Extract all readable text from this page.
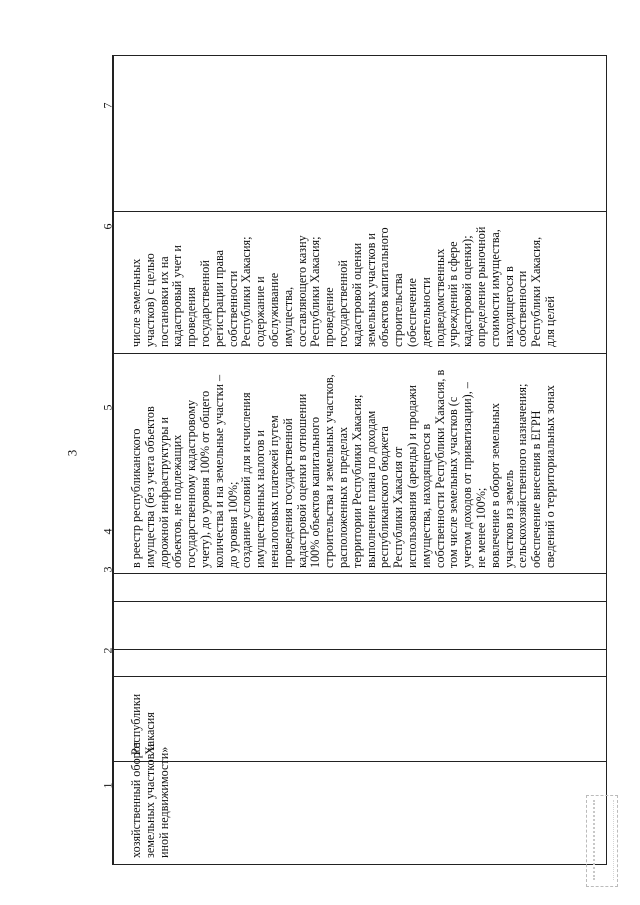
3
1
2
3
4
5
6
7
хозяйственный оборот земельных участков и иной недвижимости»
Республики Хакасия
в реестр республиканского имущества (без учета объектов дорожной инфраструктуры и объектов, не подлежащих государственному кадастровому учету), до уровня 100% от общего количества и на земельные участки – до уровня 100%; создание условий для исчисления имущественных налогов и неналоговых платежей путем проведения государственной кадастровой оценки в отношении 100% объектов капитального строительства и земельных участков, расположенных в пределах территории Республики Хакасия; выполнение плана по доходам республиканского бюджета Республики Хакасия от использования (аренды) и продажи имущества, находящегося в собственности Республики Хакасия, в том числе земельных участков (с учетом доходов от приватизации), – не менее 100%; вовлечение в оборот земельных участков из земель сельскохозяйственного назначения; обеспечение внесения в ЕГРН сведений о территориальных зонах
числе земельных участков) с целью постановки их на кадастровый учет и проведения государственной регистрации права собственности Республики Хакасия; содержание и обслуживание имущества, составляющего казну Республики Хакасия; проведение государственной кадастровой оценки земельных участков и объектов капитального строительства (обеспечение деятельности подведомственных учреждений в сфере кадастровой оценки); определение рыночной стоимости имущества, находящегося в собственности Республики Хакасия, для целей
